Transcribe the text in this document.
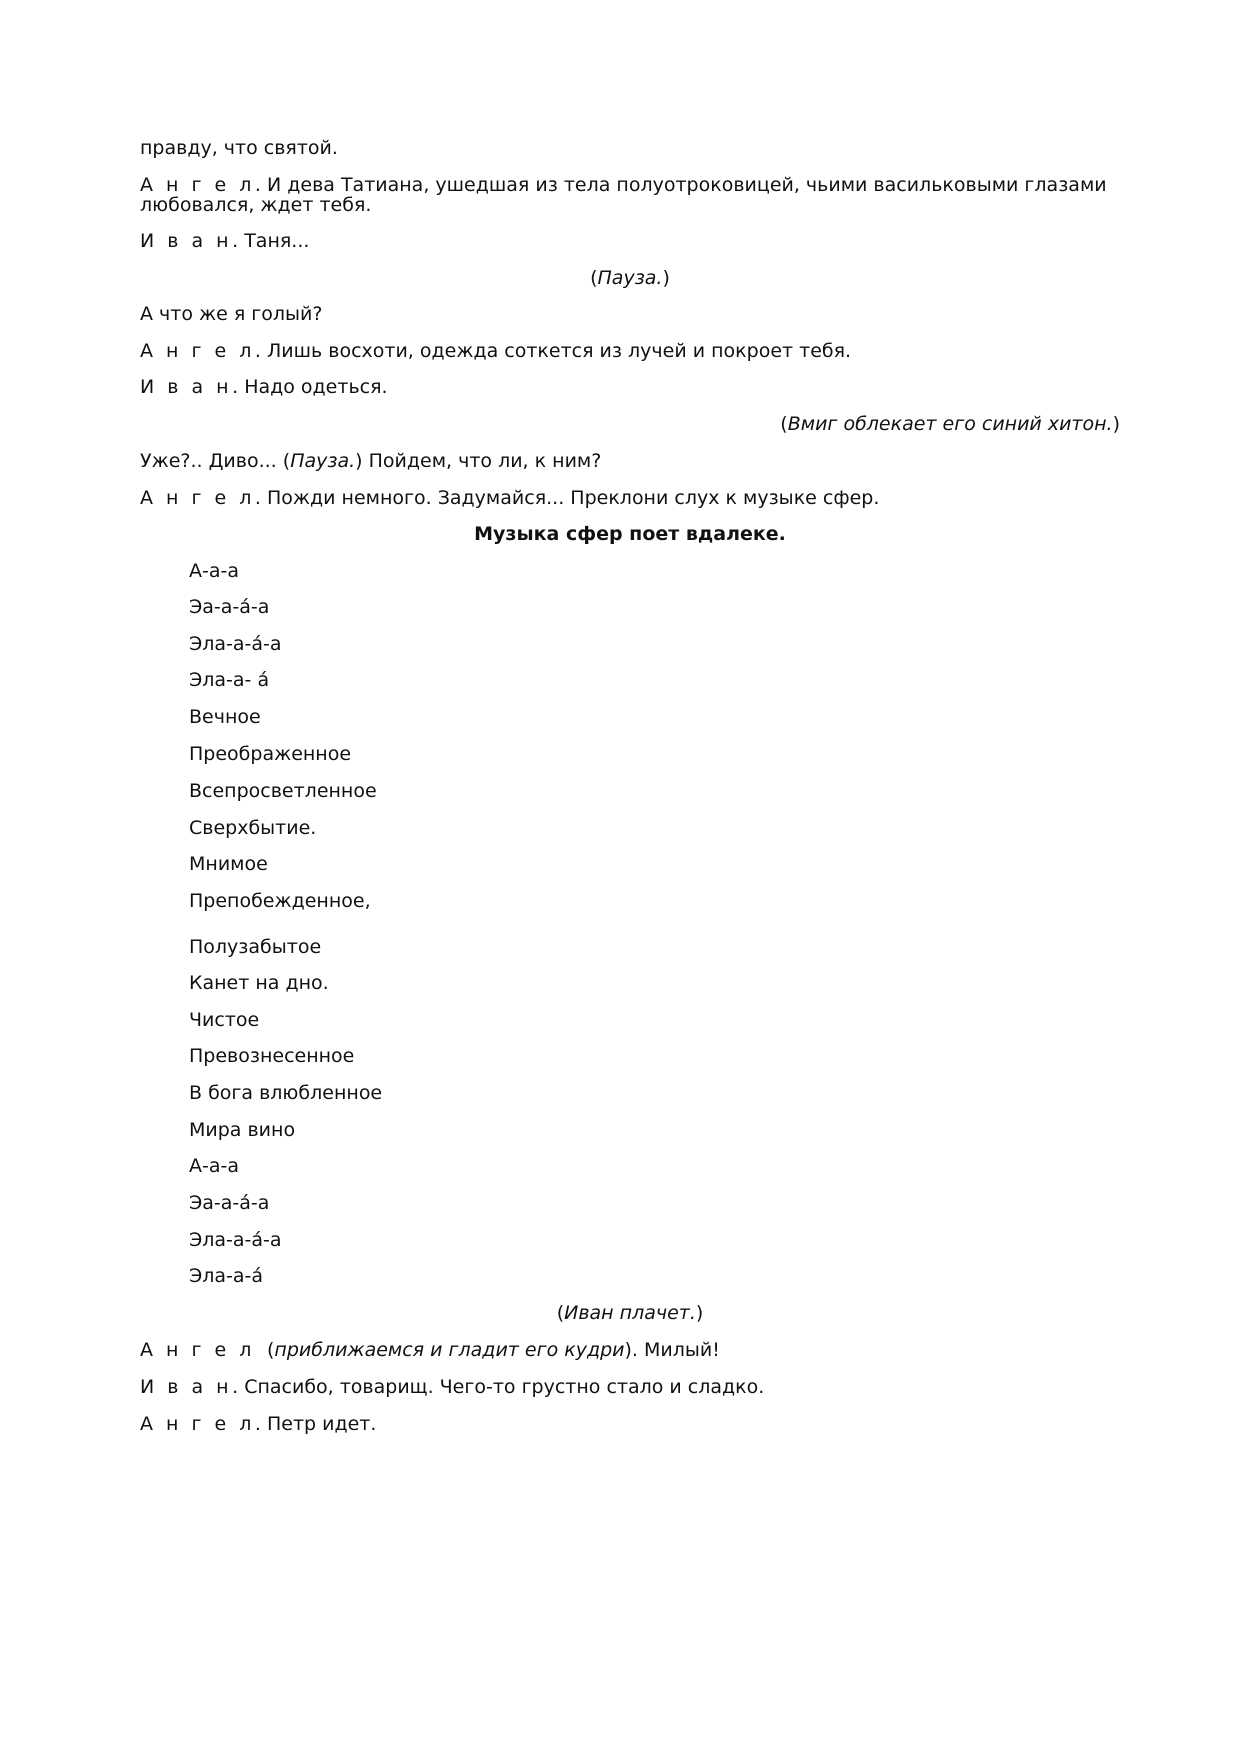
правду, что святой.
А н г е л. И дева Татиана, ушедшая из тела полуотроковицей, чьими васильковыми глазами
любовался, ждет тебя.
И в а н. Таня...
(Пауза.)
А что же я голый?
А н г е л. Лишь восхоти, одежда соткется из лучей и покроет тебя.
И в а н. Надо одеться.
(Вмиг облекает его синий хитон.)
Уже?.. Диво... (Пауза.) Пойдем, что ли, к ним?
А н г е л. Пожди немного. Задумайся... Преклони слух к музыке сфер.
Музыка сфер поет вдалеке.
А-а-а
Эа-а-а́-а
Эла-а-а́-а
Эла-а- а́
Вечное
Преображенное
Всепросветленное
Сверхбытие.
Мнимое
Препобежденное,
Полузабытое
Канет на дно.
Чистое
Превознесенное
В бога влюбленное
Мира вино
А-а-а
Эа-а-а́-а
Эла-а-а́-а
Эла-а-а́
(Иван плачет.)
А н г е л  (приближаемся и гладит его кудри). Милый!
И в а н. Спасибо, товарищ. Чего-то грустно стало и сладко.
А н г е л. Петр идет.
